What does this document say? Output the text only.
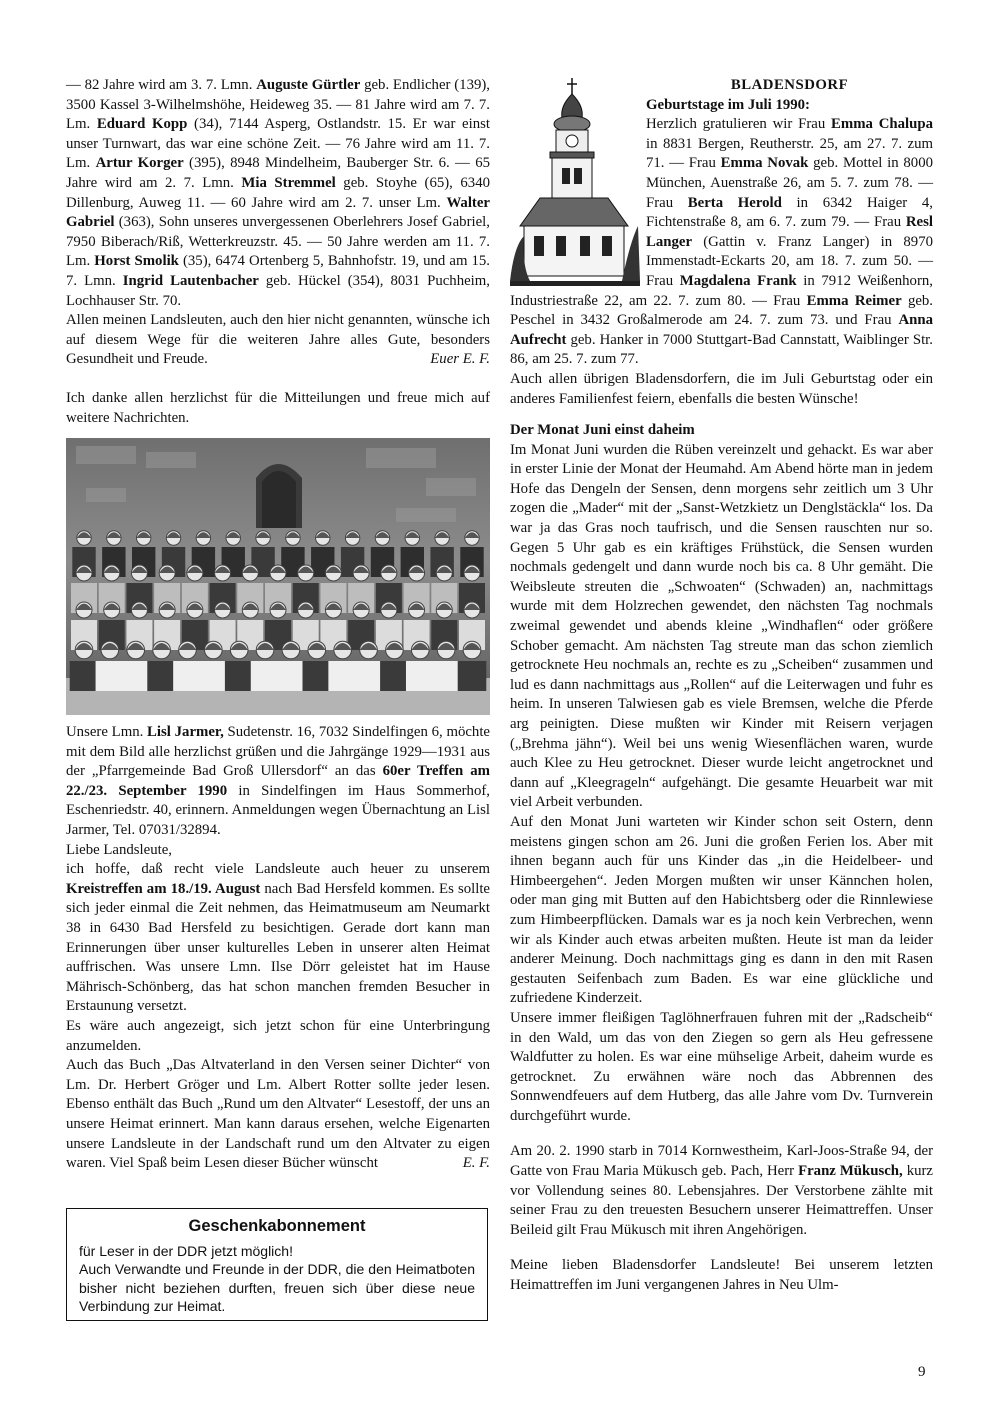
— 82 Jahre wird am 3. 7. Lmn. Auguste Gürtler geb. Endlicher (139), 3500 Kassel 3-Wilhelmshöhe, Heideweg 35. — 81 Jahre wird am 7. 7. Lm. Eduard Kopp (34), 7144 Asperg, Ostlandstr. 15. Er war einst unser Turnwart, das war eine schöne Zeit. — 76 Jahre wird am 11. 7. Lm. Artur Korger (395), 8948 Mindelheim, Bauberger Str. 6. — 65 Jahre wird am 2. 7. Lmn. Mia Stremmel geb. Stoyhe (65), 6340 Dillenburg, Auweg 11. — 60 Jahre wird am 2. 7. unser Lm. Walter Gabriel (363), Sohn unseres unvergessenen Oberlehrers Josef Gabriel, 7950 Biberach/Riß, Wetterkreuzstr. 45. — 50 Jahre werden am 11. 7. Lm. Horst Smolik (35), 6474 Ortenberg 5, Bahnhofstr. 19, und am 15. 7. Lmn. Ingrid Lautenbacher geb. Hückel (354), 8031 Puchheim, Lochhauser Str. 70.

Allen meinen Landsleuten, auch den hier nicht genannten, wünsche ich auf diesem Wege für die weiteren Jahre alles Gute, besonders Gesundheit und Freude.	Euer E. F.

Ich danke allen herzlichst für die Mitteilungen und freue mich auf weitere Nachrichten.

Unsere Lmn. Lisl Jarmer, Sudetenstr. 16, 7032 Sindelfingen 6, möchte mit dem Bild alle herzlichst grüßen und die Jahrgänge 1929—1931 aus der „Pfarrgemeinde Bad Groß Ullersdorf“ an das 60er Treffen am 22./23. September 1990 in Sindelfingen im Haus Sommerhof, Eschenriedstr. 40, erinnern. Anmeldungen wegen Übernachtung an Lisl Jarmer, Tel. 07031/32894.

Liebe Landsleute,

ich hoffe, daß recht viele Landsleute auch heuer zu unserem Kreistreffen am 18./19. August nach Bad Hersfeld kommen. Es sollte sich jeder einmal die Zeit nehmen, das Heimatmuseum am Neumarkt 38 in 6430 Bad Hersfeld zu besichtigen. Gerade dort kann man Erinnerungen über unser kulturelles Leben in unserer alten Heimat auffrischen. Was unsere Lmn. Ilse Dörr geleistet hat im Hause Mährisch-Schönberg, das hat schon manchen fremden Besucher in Erstaunung versetzt.

Es wäre auch angezeigt, sich jetzt schon für eine Unterbringung anzumelden.

Auch das Buch „Das Altvaterland in den Versen seiner Dichter“ von Lm. Dr. Herbert Gröger und Lm. Albert Rotter sollte jeder lesen. Ebenso enthält das Buch „Rund um den Altvater“ Lesestoff, der uns an unsere Heimat erinnert. Man kann daraus ersehen, welche Eigenarten unsere Landsleute in der Landschaft rund um den Altvater zu eigen waren. Viel Spaß beim Lesen dieser Bücher wünscht	E. F.
Geschenkabonnement
für Leser in der DDR jetzt möglich!
Auch Verwandte und Freunde in der DDR, die den Heimatboten bisher nicht beziehen durften, freuen sich über diese neue Verbindung zur Heimat.
BLADENSDORF
Geburtstage im Juli 1990:

Herzlich gratulieren wir Frau Emma Chalupa in 8831 Bergen, Reutherstr. 25, am 27. 7. zum 71. — Frau Emma Novak geb. Mottel in 8000 München, Auenstraße 26, am 5. 7. zum 78. — Frau Berta Herold in 6342 Haiger 4, Fichtenstraße 8, am 6. 7. zum 79. — Frau Resl Langer (Gattin v. Franz Langer) in 8970 Immenstadt-Eckarts 20, am 18. 7. zum 50. — Frau Magdalena Frank in 7912 Weißenhorn, Industriestraße 22, am 22. 7. zum 80. — Frau Emma Reimer geb. Peschel in 3432 Großalmerode am 24. 7. zum 73. und Frau Anna Aufrecht geb. Hanker in 7000 Stuttgart-Bad Cannstatt, Waiblinger Str. 86, am 25. 7. zum 77.

Auch allen übrigen Bladensdorfern, die im Juli Geburtstag oder ein anderes Familienfest feiern, ebenfalls die besten Wünsche!

Der Monat Juni einst daheim

Im Monat Juni wurden die Rüben vereinzelt und gehackt. Es war aber in erster Linie der Monat der Heumahd. Am Abend hörte man in jedem Hofe das Dengeln der Sensen, denn morgens sehr zeitlich um 3 Uhr zogen die „Mader“ mit der „Sanst-Wetzkietz un Denglstäckla“ los. Da war ja das Gras noch taufrisch, und die Sensen rauschten nur so. Gegen 5 Uhr gab es ein kräftiges Frühstück, die Sensen wurden nochmals gedengelt und dann wurde noch bis ca. 8 Uhr gemäht. Die Weibsleute streuten die „Schwoaten“ (Schwaden) an, nachmittags wurde mit dem Holzrechen gewendet, den nächsten Tag nochmals zweimal gewendet und abends kleine „Windhaflen“ oder größere Schober gemacht. Am nächsten Tag streute man das schon ziemlich getrocknete Heu nochmals an, rechte es zu „Scheiben“ zusammen und lud es dann nachmittags aus „Rollen“ auf die Leiterwagen und fuhr es heim. In unseren Talwiesen gab es viele Bremsen, welche die Pferde arg peinigten. Diese mußten wir Kinder mit Reisern verjagen („Brehma jähn“). Weil bei uns wenig Wiesenflächen waren, wurde auch Klee zu Heu getrocknet. Dieser wurde leicht angetrocknet und dann auf „Kleegrageln“ aufgehängt. Die gesamte Heuarbeit war mit viel Arbeit verbunden.

Auf den Monat Juni warteten wir Kinder schon seit Ostern, denn meistens gingen schon am 26. Juni die großen Ferien los. Aber mit ihnen begann auch für uns Kinder das „in die Heidelbeer- und Himbeergehen“. Jeden Morgen mußten wir unser Kännchen holen, oder man ging mit Butten auf den Habichtsberg oder die Rinnlewiese zum Himbeerpflücken. Damals war es ja noch kein Verbrechen, wenn wir als Kinder auch etwas arbeiten mußten. Heute ist man da leider anderer Meinung. Doch nachmittags ging es dann in den mit Rasen gestauten Seifenbach zum Baden. Es war eine glückliche und zufriedene Kinderzeit.

Unsere immer fleißigen Taglöhnerfrauen fuhren mit der „Radscheib“ in den Wald, um das von den Ziegen so gern als Heu gefressene Waldfutter zu holen. Es war eine mühselige Arbeit, daheim wurde es getrocknet. Zu erwähnen wäre noch das Abbrennen des Sonnwendfeuers auf dem Hutberg, das alle Jahre vom Dv. Turnverein durchgeführt wurde.

Am 20. 2. 1990 starb in 7014 Kornwestheim, Karl-Joos-Straße 94, der Gatte von Frau Maria Mükusch geb. Pach, Herr Franz Mükusch, kurz vor Vollendung seines 80. Lebensjahres. Der Verstorbene zählte mit seiner Frau zu den treuesten Besuchern unserer Heimattreffen. Unser Beileid gilt Frau Mükusch mit ihren Angehörigen.

Meine lieben Bladensdorfer Landsleute! Bei unserem letzten Heimattreffen im Juni vergangenen Jahres in Neu Ulm-

9
